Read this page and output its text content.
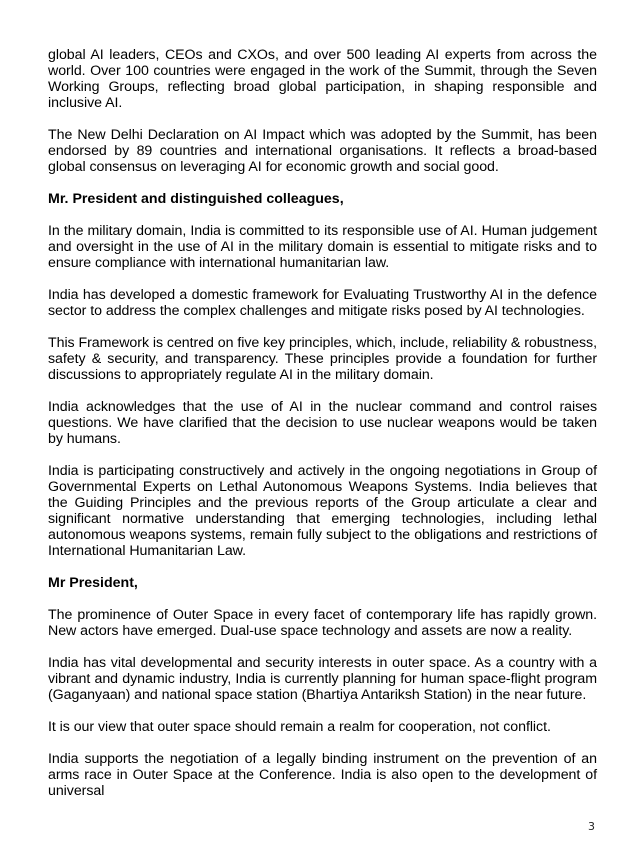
global AI leaders, CEOs and CXOs, and over 500 leading AI experts from across the world. Over 100 countries were engaged in the work of the Summit, through the Seven Working Groups, reflecting broad global participation, in shaping responsible and inclusive AI.

The New Delhi Declaration on AI Impact which was adopted by the Summit, has been endorsed by 89 countries and international organisations. It reflects a broad-based global consensus on leveraging AI for economic growth and social good.

Mr. President and distinguished colleagues,

In the military domain, India is committed to its responsible use of AI. Human judgement and oversight in the use of AI in the military domain is essential to mitigate risks and to ensure compliance with international humanitarian law.

India has developed a domestic framework for Evaluating Trustworthy AI in the defence sector to address the complex challenges and mitigate risks posed by AI technologies.

This Framework is centred on five key principles, which, include, reliability & robustness, safety & security, and transparency. These principles provide a foundation for further discussions to appropriately regulate AI in the military domain.

India acknowledges that the use of AI in the nuclear command and control raises questions. We have clarified that the decision to use nuclear weapons would be taken by humans.

India is participating constructively and actively in the ongoing negotiations in Group of Governmental Experts on Lethal Autonomous Weapons Systems. India believes that the Guiding Principles and the previous reports of the Group articulate a clear and significant normative understanding that emerging technologies, including lethal autonomous weapons systems, remain fully subject to the obligations and restrictions of International Humanitarian Law.

Mr President,

The prominence of Outer Space in every facet of contemporary life has rapidly grown. New actors have emerged. Dual-use space technology and assets are now a reality.

India has vital developmental and security interests in outer space. As a country with a vibrant and dynamic industry, India is currently planning for human space-flight program (Gaganyaan) and national space station (Bhartiya Antariksh Station) in the near future.

It is our view that outer space should remain a realm for cooperation, not conflict.

India supports the negotiation of a legally binding instrument on the prevention of an arms race in Outer Space at the Conference. India is also open to the development of universal

3
